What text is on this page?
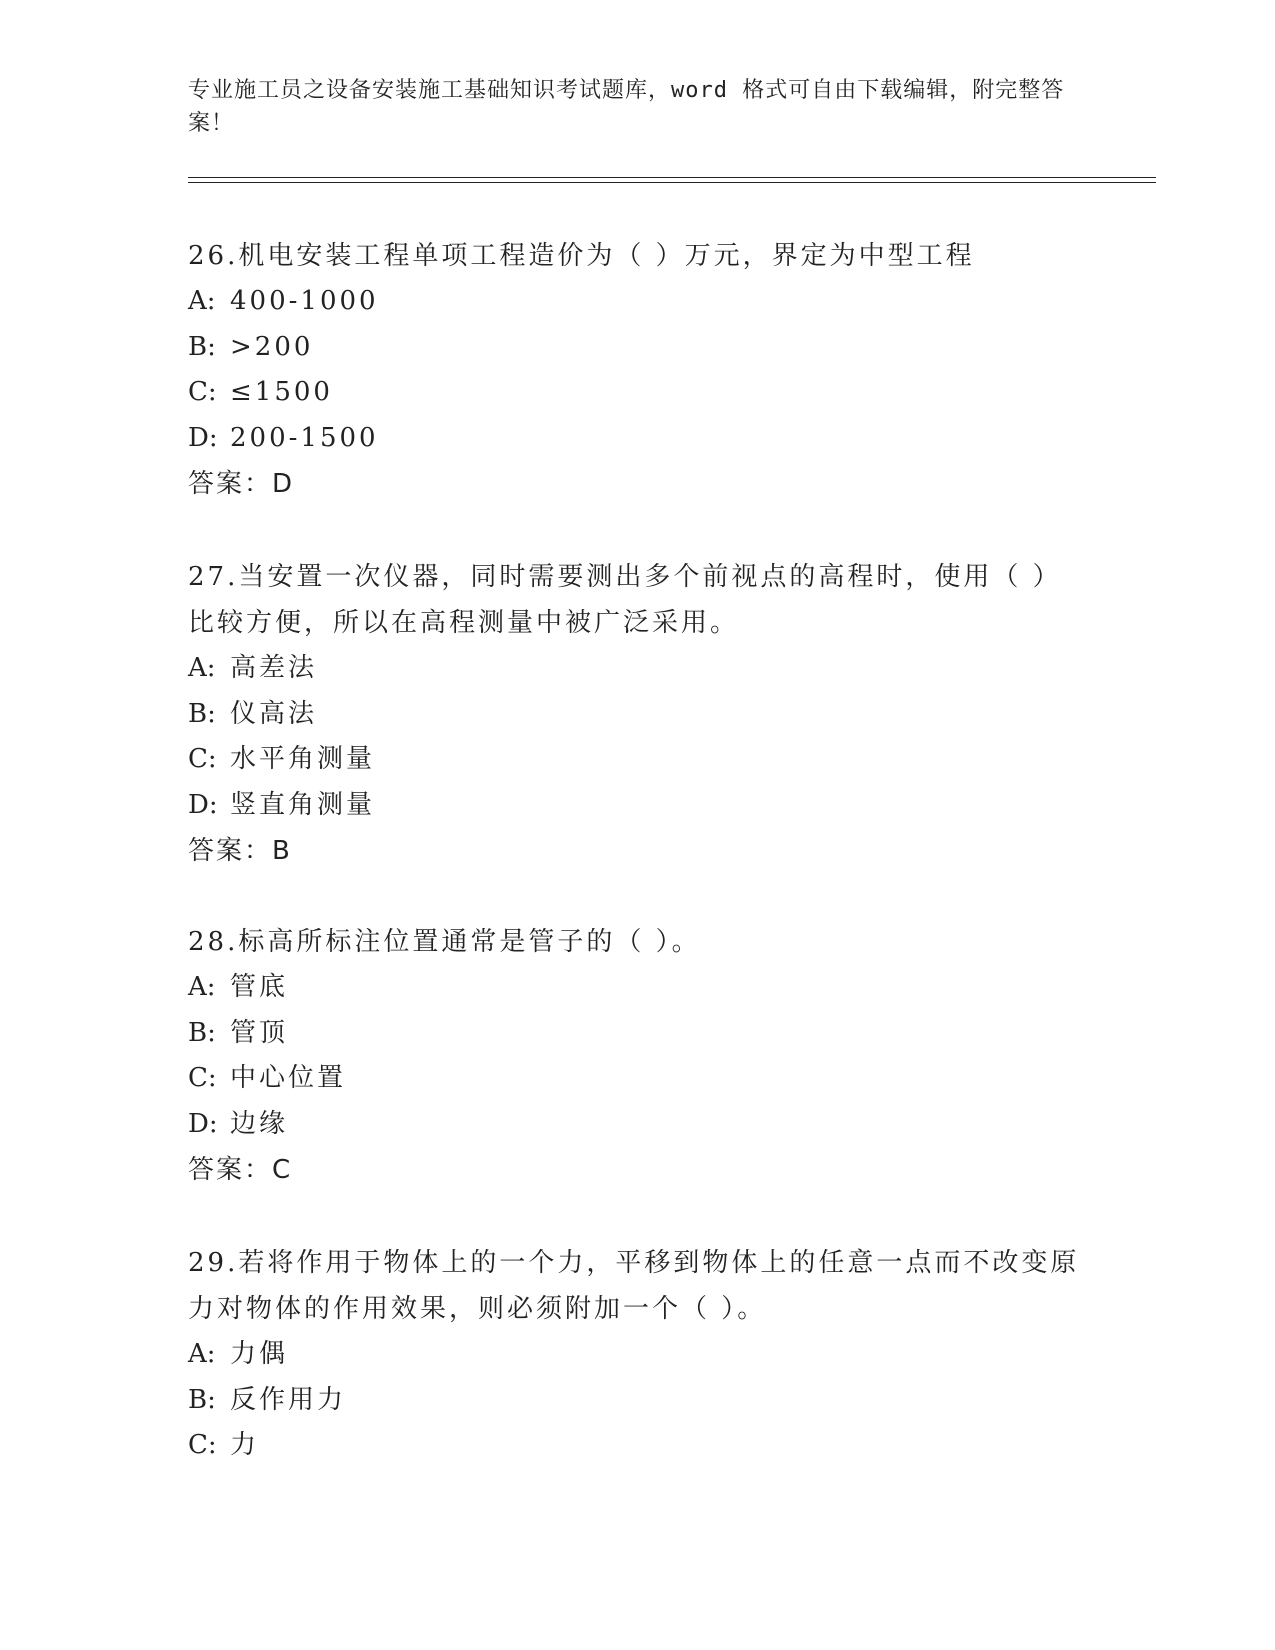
专业施工员之设备安装施工基础知识考试题库，word 格式可自由下载编辑，附完整答案！

26.机电安装工程单项工程造价为（ ）万元，界定为中型工程

A: 400-1000
B: >200
C: ≤1500
D: 200-1500
答案：D

27.当安置一次仪器，同时需要测出多个前视点的高程时，使用（ ）
比较方便，所以在高程测量中被广泛采用。

A: 高差法
B: 仪高法
C: 水平角测量
D: 竖直角测量
答案：B

28.标高所标注位置通常是管子的（ ）。

A: 管底
B: 管顶
C: 中心位置
D: 边缘
答案：C

29.若将作用于物体上的一个力，平移到物体上的任意一点而不改变原
力对物体的作用效果，则必须附加一个（ ）。

A: 力偶
B: 反作用力
C: 力
